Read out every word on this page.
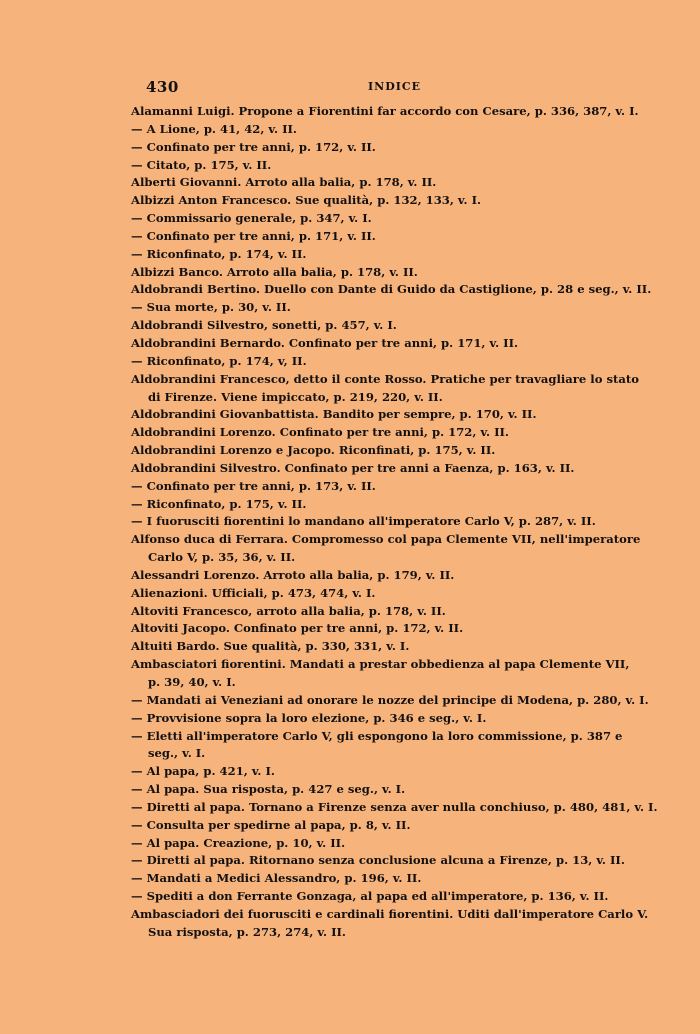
430	INDICE
Alamanni Luigi. Propone a Fiorentini far accordo con Cesare, p. 336, 387, v. I.
— A Lione, p. 41, 42, v. II.
— Confinato per tre anni, p. 172, v. II.
— Citato, p. 175, v. II.
Alberti Giovanni. Arroto alla balia, p. 178, v. II.
Albizzi Anton Francesco. Sue qualità, p. 132, 133, v. I.
— Commissario generale, p. 347, v. I.
— Confinato per tre anni, p. 171, v. II.
— Riconfinato, p. 174, v. II.
Albizzi Banco. Arroto alla balia, p. 178, v. II.
Aldobrandi Bertino. Duello con Dante di Guido da Castiglione, p. 28 e seg., v. II.
— Sua morte, p. 30, v. II.
Aldobrandi Silvestro, sonetti, p. 457, v. I.
Aldobrandini Bernardo. Confinato per tre anni, p. 171, v. II.
— Riconfinato, p. 174, v, II.
Aldobrandini Francesco, detto il conte Rosso. Pratiche per travagliare lo stato
di Firenze. Viene impiccato, p. 219, 220, v. II.
Aldobrandini Giovanbattista. Bandito per sempre, p. 170, v. II.
Aldobrandini Lorenzo. Confinato per tre anni, p. 172, v. II.
Aldobrandini Lorenzo e Jacopo. Riconfinati, p. 175, v. II.
Aldobrandini Silvestro. Confinato per tre anni a Faenza, p. 163, v. II.
— Confinato per tre anni, p. 173, v. II.
— Riconfinato, p. 175, v. II.
— I fuorusciti fiorentini lo mandano all'imperatore Carlo V, p. 287, v. II.
Alfonso duca di Ferrara. Compromesso col papa Clemente VII, nell'imperatore
Carlo V, p. 35, 36, v. II.
Alessandri Lorenzo. Arroto alla balia, p. 179, v. II.
Alienazioni. Ufficiali, p. 473, 474, v. I.
Altoviti Francesco, arroto alla balia, p. 178, v. II.
Altoviti Jacopo. Confinato per tre anni, p. 172, v. II.
Altuiti Bardo. Sue qualità, p. 330, 331, v. I.
Ambasciatori fiorentini. Mandati a prestar obbedienza al papa Clemente VII,
p. 39, 40, v. I.
— Mandati ai Veneziani ad onorare le nozze del principe di Modena, p. 280, v. I.
— Provvisione sopra la loro elezione, p. 346 e seg., v. I.
— Eletti all'imperatore Carlo V, gli espongono la loro commissione, p. 387 e
seg., v. I.
— Al papa, p. 421, v. I.
— Al papa. Sua risposta, p. 427 e seg., v. I.
— Diretti al papa. Tornano a Firenze senza aver nulla conchiuso, p. 480, 481, v. I.
— Consulta per spedirne al papa, p. 8, v. II.
— Al papa. Creazione, p. 10, v. II.
— Diretti al papa. Ritornano senza conclusione alcuna a Firenze, p. 13, v. II.
— Mandati a Medici Alessandro, p. 196, v. II.
— Spediti a don Ferrante Gonzaga, al papa ed all'imperatore, p. 136, v. II.
Ambasciadori dei fuorusciti e cardinali fiorentini. Uditi dall'imperatore Carlo V.
Sua risposta, p. 273, 274, v. II.
